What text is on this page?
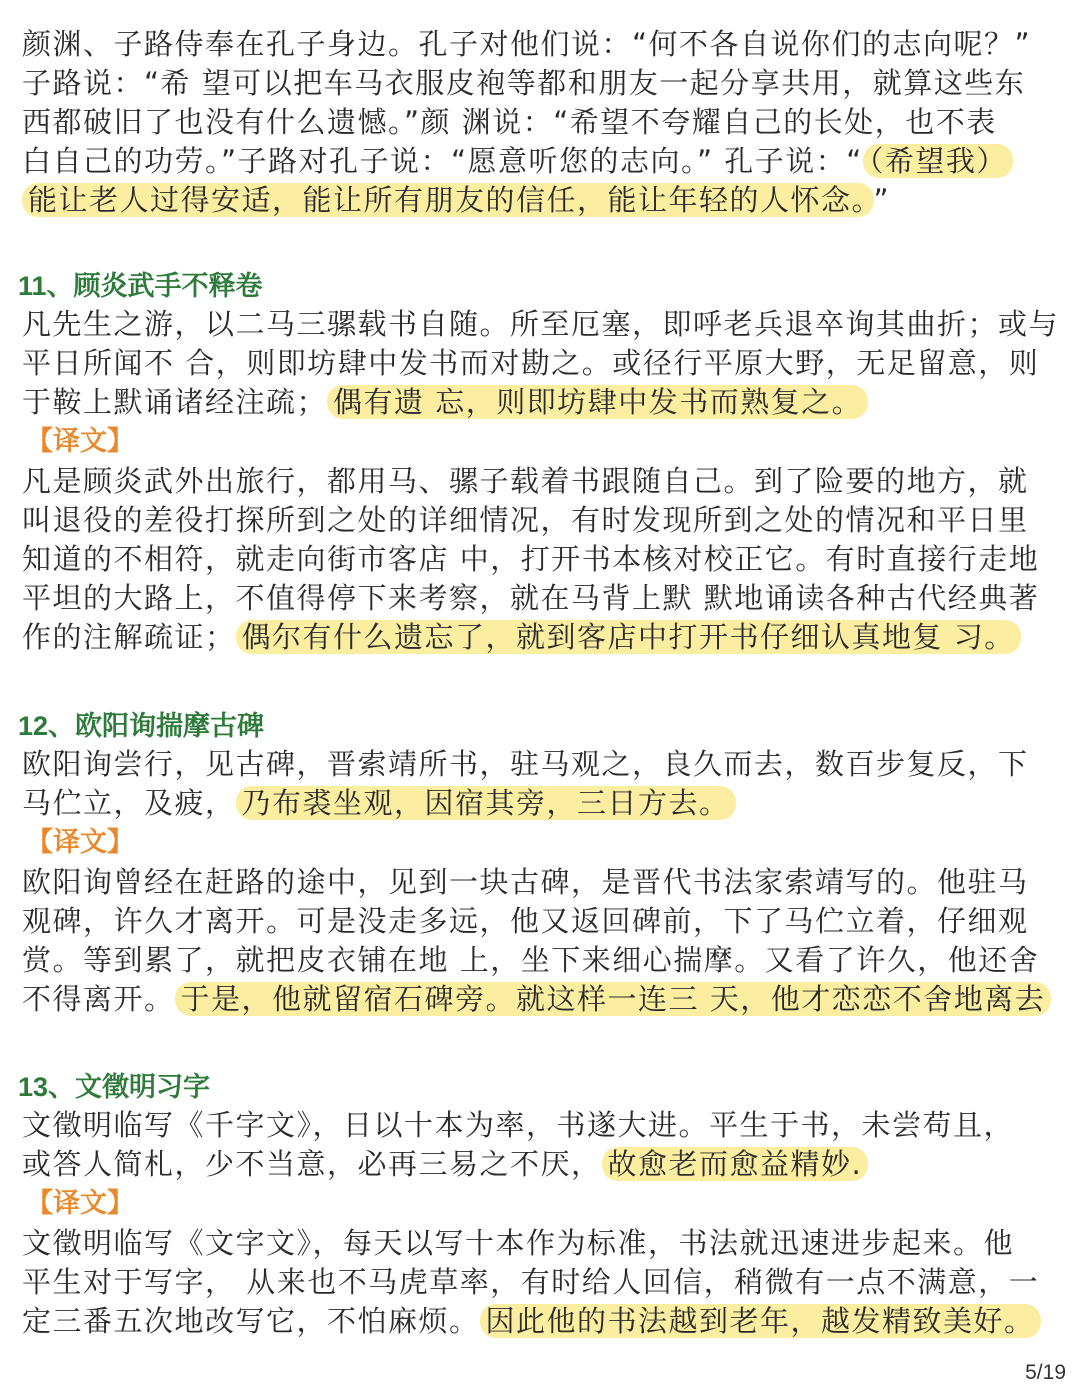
颜渊、子路侍奉在孔子身边。孔子对他们说：“何不各自说你们的志向呢？”
子路说：“希 望可以把车马衣服皮袍等都和朋友一起分享共用，就算这些东
西都破旧了也没有什么遗憾。”颜 渊说：“希望不夸耀自己的长处，也不表
白自己的功劳。”子路对孔子说：“愿意听您的志向。” 孔子说：“ （希望我）
能让老人过得安适，能让所有朋友的信任，能让年轻的人怀念。 ”
11、顾炎武手不释卷
凡先生之游，以二马三骡载书自随。所至厄塞，即呼老兵退卒询其曲折；或与
平日所闻不 合，则即坊肆中发书而对勘之。或径行平原大野，无足留意，则
于鞍上默诵诸经注疏； 偶有遗 忘，则即坊肆中发书而熟复之。
【译文】
凡是顾炎武外出旅行，都用马、骡子载着书跟随自己。到了险要的地方，就
叫退役的差役打探所到之处的详细情况，有时发现所到之处的情况和平日里
知道的不相符，就走向街市客店 中，打开书本核对校正它。有时直接行走地
平坦的大路上，不值得停下来考察，就在马背上默 默地诵读各种古代经典著
作的注解疏证； 偶尔有什么遗忘了，就到客店中打开书仔细认真地复 习。
12、欧阳询揣摩古碑
欧阳询尝行，见古碑，晋索靖所书，驻马观之，良久而去，数百步复反，下
马伫立，及疲， 乃布裘坐观，因宿其旁，三日方去。
【译文】
欧阳询曾经在赶路的途中，见到一块古碑，是晋代书法家索靖写的。他驻马
观碑，许久才离开。可是没走多远，他又返回碑前，下了马伫立着，仔细观
赏。等到累了，就把皮衣铺在地 上，坐下来细心揣摩。又看了许久，他还舍
不得离开。 于是，他就留宿石碑旁。就这样一连三 天，他才恋恋不舍地离去
13、文徵明习字
文徵明临写《千字文》，日以十本为率，书遂大进。平生于书，未尝苟且，
或答人简札，少不当意，必再三易之不厌， 故愈老而愈益精妙.
【译文】
文徵明临写《文字文》，每天以写十本作为标准，书法就迅速进步起来。他
平生对于写字， 从来也不马虎草率，有时给人回信，稍微有一点不满意，一
定三番五次地改写它，不怕麻烦。 因此他的书法越到老年，越发精致美好。
5/19
